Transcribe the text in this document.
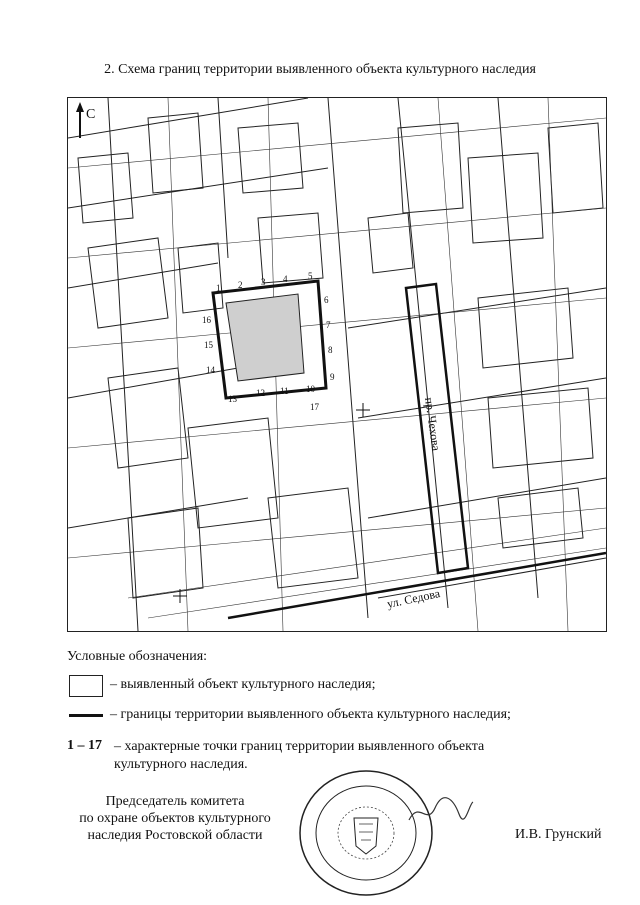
2. Схема границ территории выявленного объекта культурного наследия
1 2 3 4 5
6
7
8
9
10
11
12
13
14
15
16
17
С
пр. Чехова
ул. Седова
Условные обозначения:
– выявленный объект культурного наследия;
– границы территории выявленного объекта культурного наследия;
1 – 17 – характерные точки границ территории выявленного объекта культурного наследия.
Председатель комитета
по охране объектов культурного
наследия Ростовской области	И.В. Грунский
